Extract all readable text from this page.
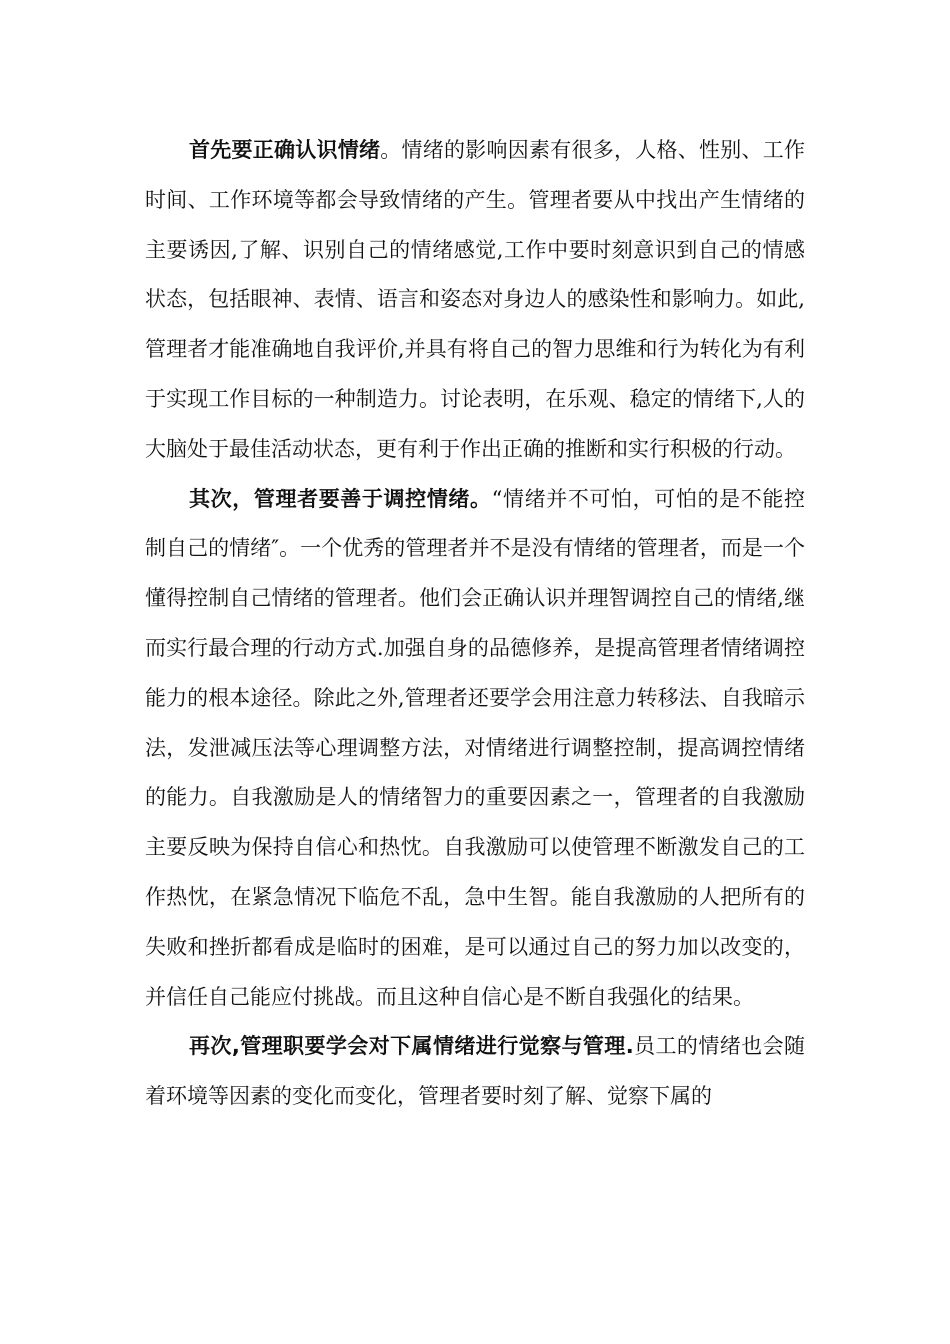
首先要正确认识情绪。情绪的影响因素有很多，人格、性别、工作时间、工作环境等都会导致情绪的产生。管理者要从中找出产生情绪的主要诱因,了解、识别自己的情绪感觉,工作中要时刻意识到自己的情感状态，包括眼神、表情、语言和姿态对身边人的感染性和影响力。如此,管理者才能准确地自我评价,并具有将自己的智力思维和行为转化为有利于实现工作目标的一种制造力。讨论表明，在乐观、稳定的情绪下,人的大脑处于最佳活动状态，更有利于作出正确的推断和实行积极的行动。

其次，管理者要善于调控情绪。“情绪并不可怕，可怕的是不能控制自己的情绪″。一个优秀的管理者并不是没有情绪的管理者，而是一个懂得控制自己情绪的管理者。他们会正确认识并理智调控自己的情绪,继而实行最合理的行动方式.加强自身的品德修养，是提高管理者情绪调控能力的根本途径。除此之外,管理者还要学会用注意力转移法、自我暗示法，发泄减压法等心理调整方法，对情绪进行调整控制，提高调控情绪的能力。自我激励是人的情绪智力的重要因素之一，管理者的自我激励主要反映为保持自信心和热忱。自我激励可以使管理不断激发自己的工作热忱，在紧急情况下临危不乱，急中生智。能自我激励的人把所有的失败和挫折都看成是临时的困难，是可以通过自己的努力加以改变的，并信任自己能应付挑战。而且这种自信心是不断自我强化的结果。

再次,管理职要学会对下属情绪进行觉察与管理.员工的情绪也会随着环境等因素的变化而变化，管理者要时刻了解、觉察下属的
